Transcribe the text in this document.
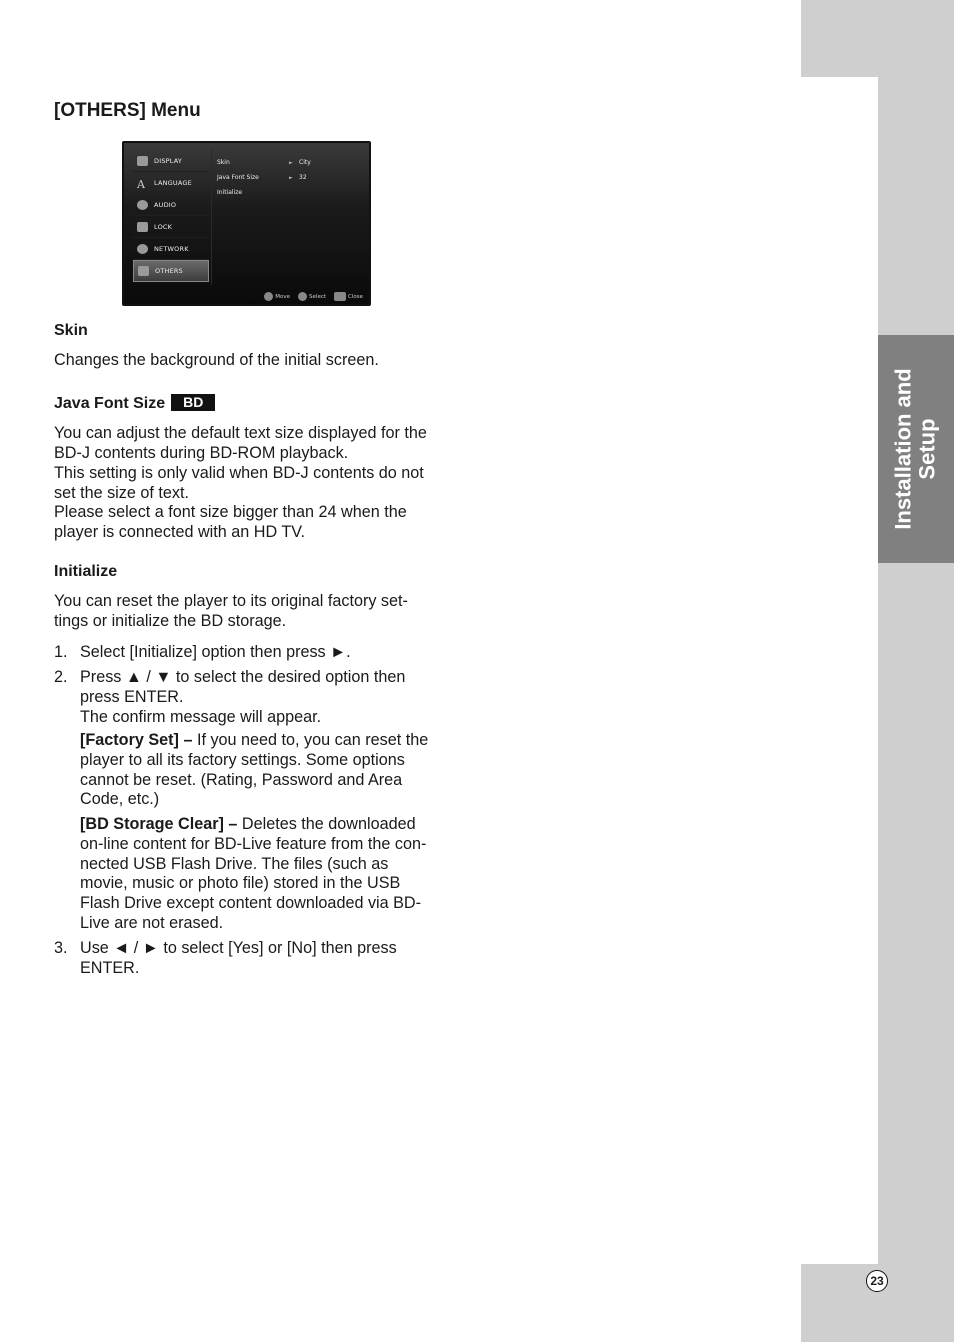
Installation and Setup
23
[OTHERS] Menu
DISPLAY
A	LANGUAGE
AUDIO
LOCK
NETWORK
OTHERS
Skin	►	City
Java Font Size	►	32
Initialize
Move	Select	Close
Skin

Changes the background of the initial screen.

Java Font Size BD

You can adjust the default text size displayed for the BD-J contents during BD-ROM playback.

This setting is only valid when BD-J contents do not set the size of text.

Please select a font size bigger than 24 when the player is connected with an HD TV.

Initialize

You can reset the player to its original factory set-tings or initialize the BD storage.

1. Select [Initialize] option then press ►.
2. Press ▲ / ▼ to select the desired option then press ENTER.
The confirm message will appear.

[Factory Set] – If you need to, you can reset the player to all its factory settings. Some options cannot be reset. (Rating, Password and Area Code, etc.)

[BD Storage Clear] – Deletes the downloaded on-line content for BD-Live feature from the con-nected USB Flash Drive. The files (such as movie, music or photo file) stored in the USB Flash Drive except content downloaded via BD-Live are not erased.

3. Use ◄ / ► to select [Yes] or [No] then press ENTER.
